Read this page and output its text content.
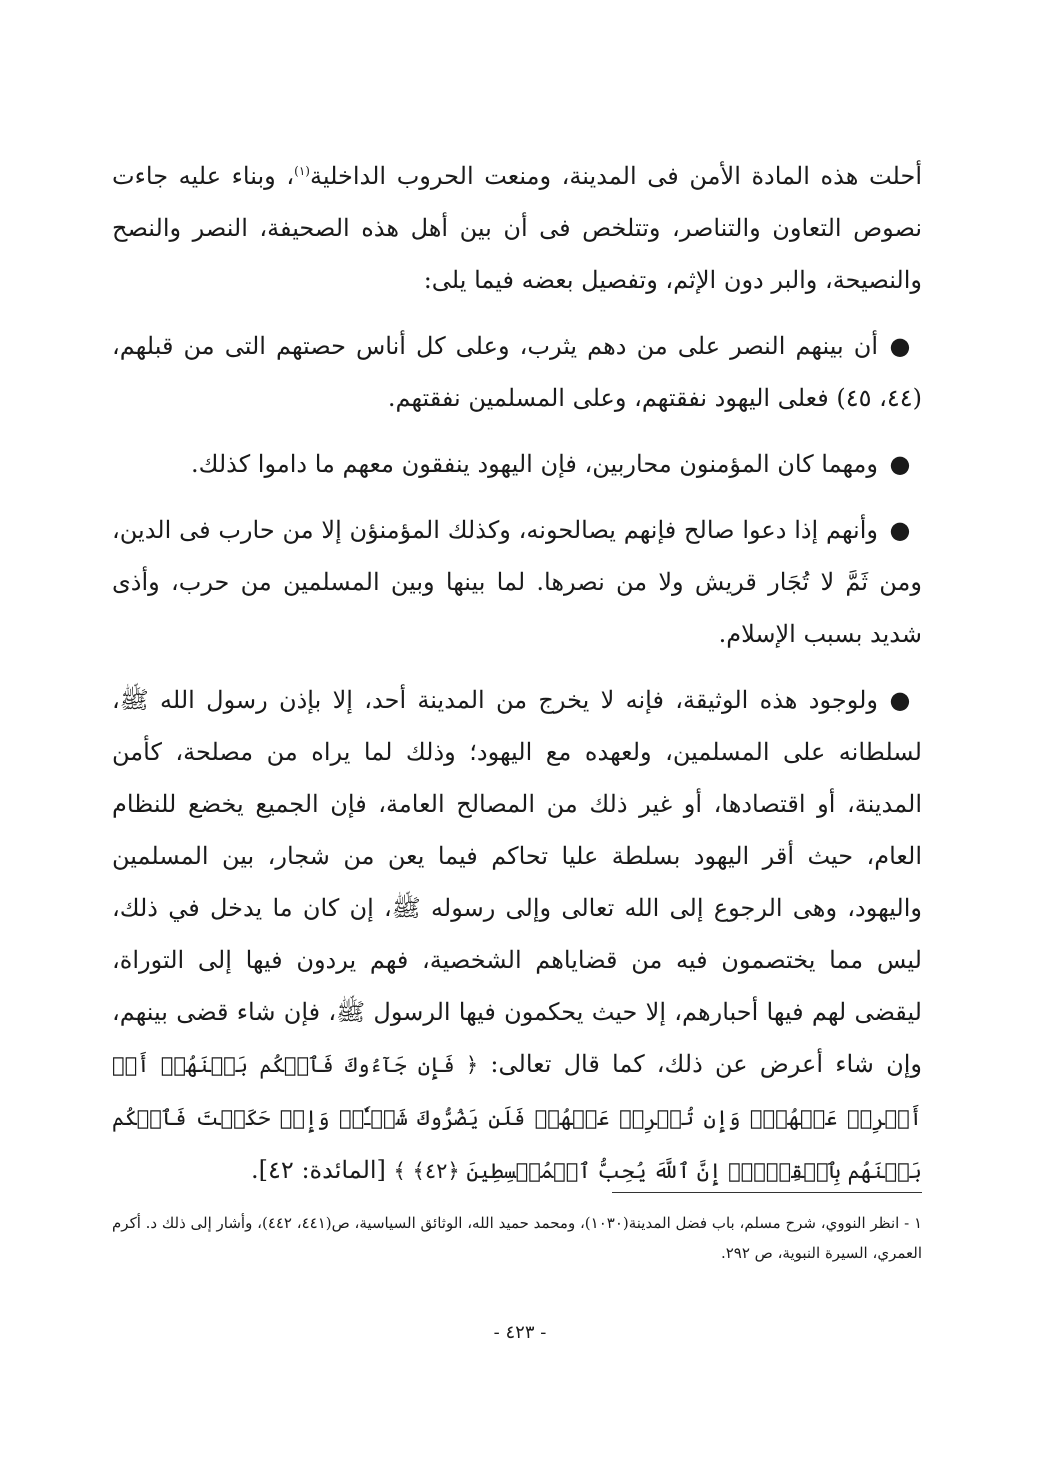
أحلت هذه المادة الأمن فى المدينة، ومنعت الحروب الداخلية$^{(١)}$، وبناء عليه جاءت نصوص التعاون والتناصر، وتتلخص فى أن بين أهل هذه الصحيفة، النصر والنصح والنصيحة، والبر دون الإثم، وتفصيل بعضه فيما يلى:

●أن بينهم النصر على من دهم يثرب، وعلى كل أناس حصتهم التى من قبلهم، (٤٤، ٤٥) فعلى اليهود نفقتهم، وعلى المسلمين نفقتهم.

●ومهما كان المؤمنون محاربين، فإن اليهود ينفقون معهم ما داموا كذلك.

●وأنهم إذا دعوا صالح فإنهم يصالحونه، وكذلك المؤمنؤن إلا من حارب فى الدين، ومن ثَمَّ لا تُجَار قريش ولا من نصرها. لما بينها وبين المسلمين من حرب، وأذى شديد بسبب الإسلام.

●ولوجود هذه الوثيقة، فإنه لا يخرج من المدينة أحد، إلا بإذن رسول الله ﷺ، لسلطانه على المسلمين، ولعهده مع اليهود؛ وذلك لما يراه من مصلحة، كأمن المدينة، أو اقتصادها، أو غير ذلك من المصالح العامة، فإن الجميع يخضع للنظام العام، حيث أقر اليهود بسلطة عليا تحاكم فيما يعن من شجار، بين المسلمين واليهود، وهى الرجوع إلى الله تعالى وإلى رسوله ﷺ، إن كان ما يدخل في ذلك، ليس مما يختصمون فيه من قضاياهم الشخصية، فهم يردون فيها إلى التوراة، ليقضى لهم فيها أحبارهم، إلا حيث يحكمون فيها الرسول ﷺ، فإن شاء قضى بينهم، وإن شاء أعرض عن ذلك، كما قال تعالى: ﴿ فَإِن جَآءُوكَ فَٱحۡكُم بَيۡنَهُمۡ أَوۡ أَعۡرِضۡ عَنۡهُمۡۖ وَإِن تُعۡرِضۡ عَنۡهُمۡ فَلَن يَضُرُّوكَ شَيۡـٔٗاۖ وَإِنۡ حَكَمۡتَ فَٱحۡكُم بَيۡنَهُم بِٱلۡقِسۡطِۚ إِنَّ ٱللَّهَ يُحِبُّ ٱلۡمُقۡسِطِينَ ﴿٤٢﴾ ﴾ [المائدة: ٤٢].

١ - انظر النووي، شرح مسلم، باب فضل المدينة(١٠٣٠)، ومحمد حميد الله، الوثائق السياسية، ص(٤٤١، ٤٤٢)، وأشار إلى ذلك د. أكرم العمري، السيرة النبوية، ص ٢٩٢.

- ٤٢٣ -
